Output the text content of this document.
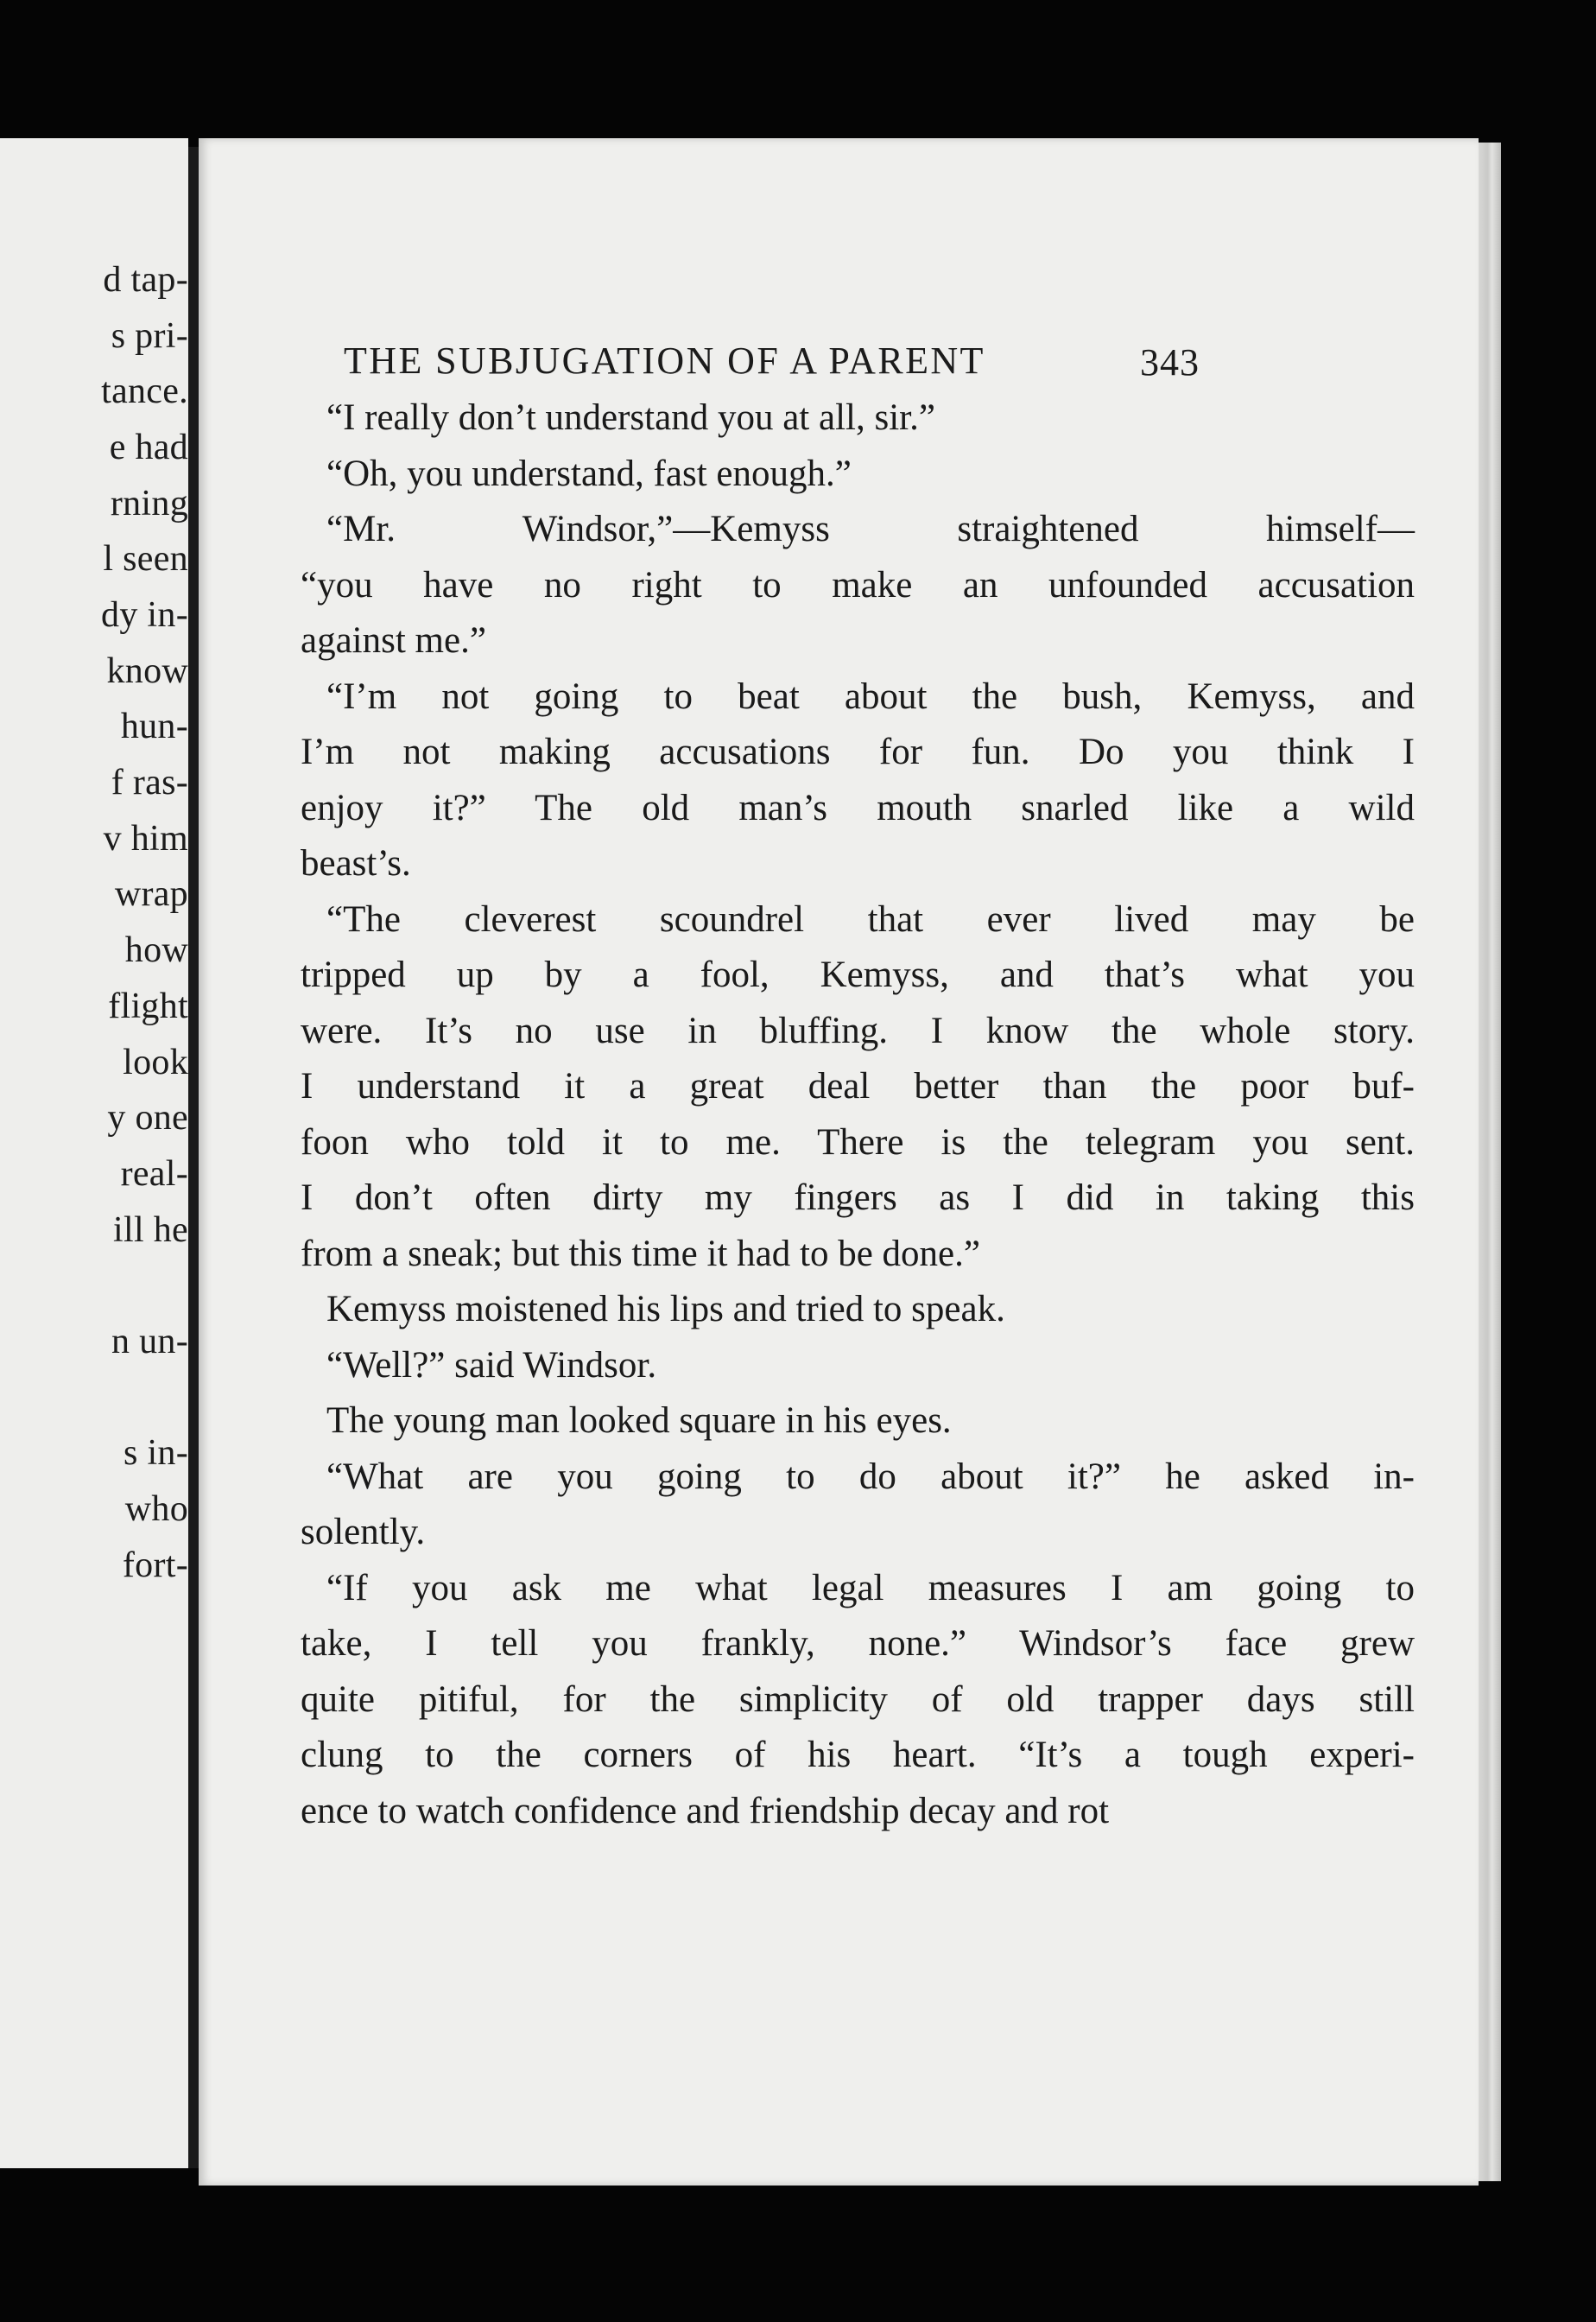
d tap-
s pri-
tance.
e had
rning
l seen
dy in-
know
hun-
f ras-
v him
wrap
how
flight
look
y one
real-
ill he
n un-
s in-
who
fort-
THE SUBJUGATION OF A PARENT	343

“I really don’t understand you at all, sir.”

“Oh, you understand, fast enough.”

“Mr. Windsor,”—Kemyss straightened himself—
“you have no right to make an unfounded accusation
against me.”

“I’m not going to beat about the bush, Kemyss, and
I’m not making accusations for fun. Do you think I
enjoy it?” The old man’s mouth snarled like a wild
beast’s.

“The cleverest scoundrel that ever lived may be
tripped up by a fool, Kemyss, and that’s what you
were. It’s no use in bluffing. I know the whole story.
I understand it a great deal better than the poor buf-
foon who told it to me. There is the telegram you sent.
I don’t often dirty my fingers as I did in taking this
from a sneak; but this time it had to be done.”

Kemyss moistened his lips and tried to speak.

“Well?” said Windsor.

The young man looked square in his eyes.

“What are you going to do about it?” he asked in-
solently.

“If you ask me what legal measures I am going to
take, I tell you frankly, none.” Windsor’s face grew
quite pitiful, for the simplicity of old trapper days still
clung to the corners of his heart. “It’s a tough experi-
ence to watch confidence and friendship decay and rot
